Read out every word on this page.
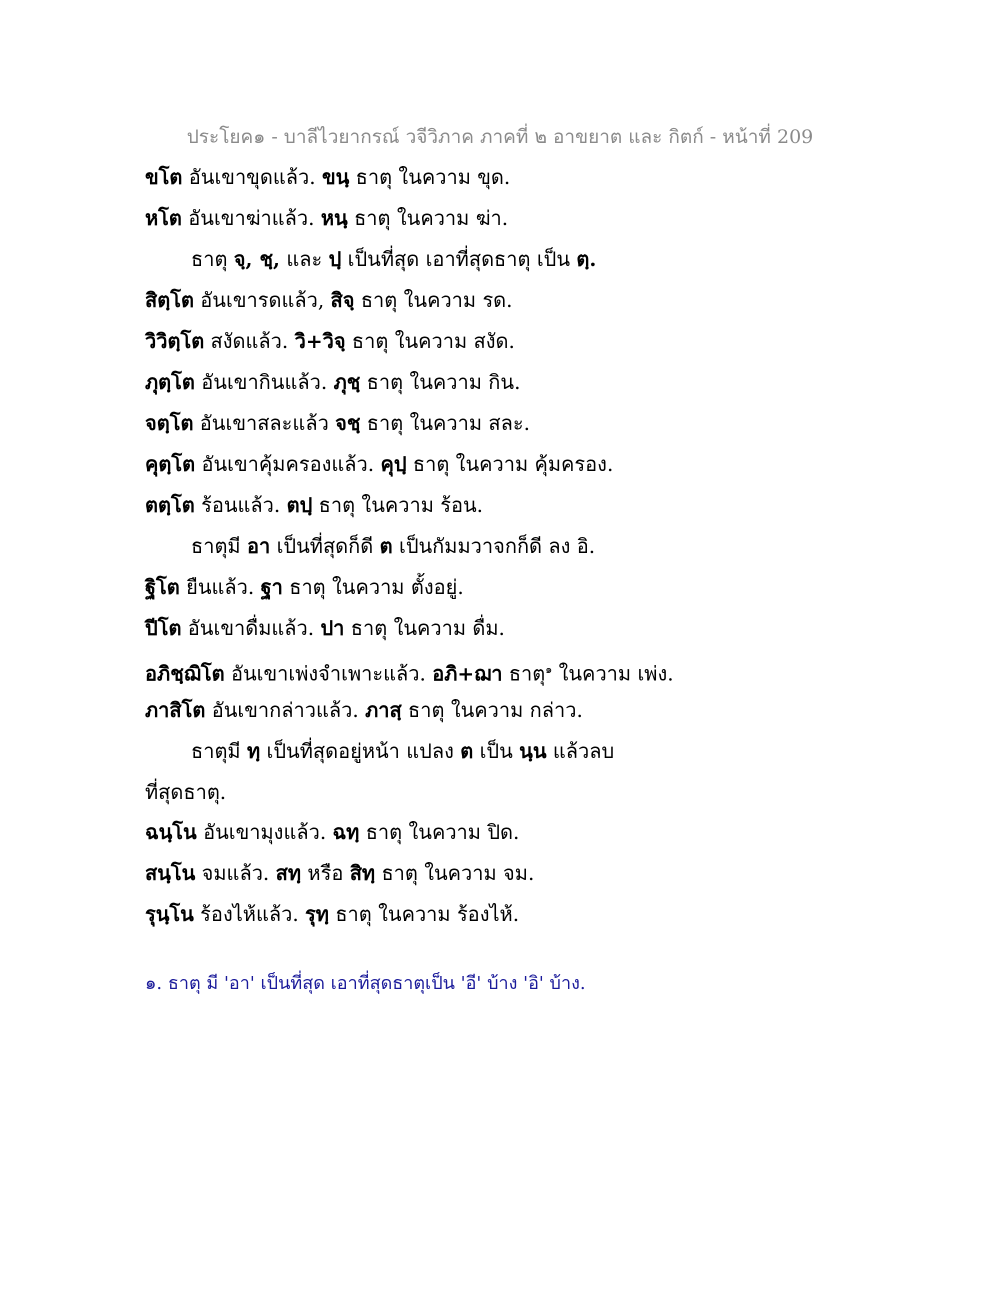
ประโยค๑ - บาลีไวยากรณ์ วจีวิภาค ภาคที่ ๒ อาขยาต และ กิตก์ - หน้าที่ 209
ขโต อันเขาขุดแล้ว. ขนฺ ธาตุ ในความ ขุด.
หโต อันเขาฆ่าแล้ว. หนฺ ธาตุ ในความ ฆ่า.
ธาตุ จฺ, ชฺ, และ ปฺ เป็นที่สุด เอาที่สุดธาตุ เป็น ตฺ.
สิตฺโต อันเขารดแล้ว, สิจฺ ธาตุ ในความ รด.
วิวิตฺโต สงัดแล้ว. วิ+วิจฺ ธาตุ ในความ สงัด.
ภุตฺโต อันเขากินแล้ว. ภุชฺ ธาตุ ในความ กิน.
จตฺโต อันเขาสละแล้ว จชฺ ธาตุ ในความ สละ.
คุตฺโต อันเขาคุ้มครองแล้ว. คุปฺ ธาตุ ในความ คุ้มครอง.
ตตฺโต ร้อนแล้ว. ตปฺ ธาตุ ในความ ร้อน.
ธาตุมี อา เป็นที่สุดก็ดี ต เป็นกัมมวาจกก็ดี ลง อิ.
ฐิโต ยืนแล้ว. ฐา ธาตุ ในความ ตั้งอยู่.
ปีโต อันเขาดื่มแล้ว. ปา ธาตุ ในความ ดื่ม.
อภิชฺฌิโต อันเขาเพ่งจำเพาะแล้ว. อภิ+ฌา ธาตุ$^๑$ ในความ เพ่ง.
ภาสิโต อันเขากล่าวแล้ว. ภาสฺ ธาตุ ในความ กล่าว.
ธาตุมี ทฺ เป็นที่สุดอยู่หน้า แปลง ต เป็น นฺน แล้วลบ
ที่สุดธาตุ.
ฉนฺโน อันเขามุงแล้ว. ฉทฺ ธาตุ ในความ ปิด.
สนฺโน จมแล้ว. สทฺ หรือ สิทฺ ธาตุ ในความ จม.
รุนฺโน ร้องไห้แล้ว. รุทฺ ธาตุ ในความ ร้องไห้.
๑. ธาตุ มี 'อา' เป็นที่สุด เอาที่สุดธาตุเป็น 'อี' บ้าง 'อิ' บ้าง.
